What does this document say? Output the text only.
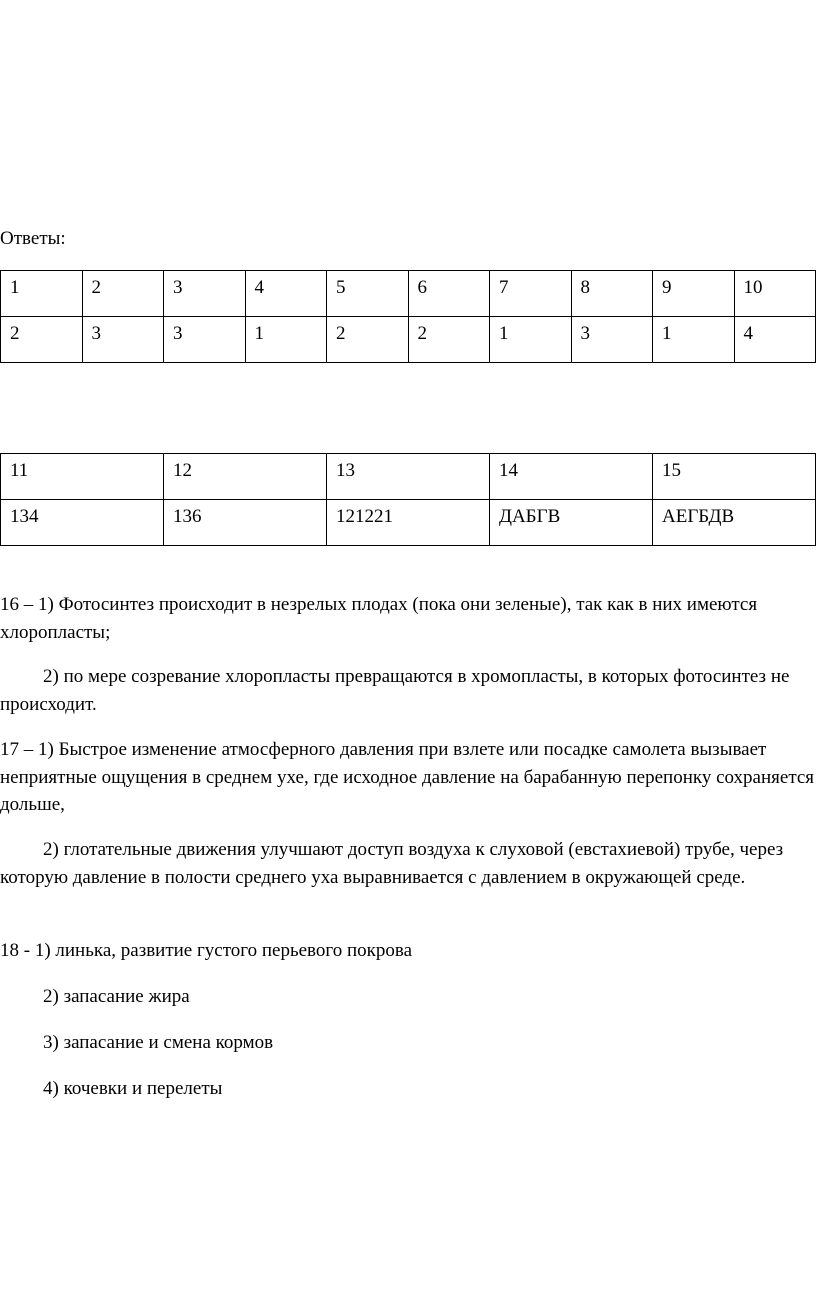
Ответы:
1	2	3	4	5	6	7	8	9	10
2	3	3	1	2	2	1	3	1	4
11	12	13	14	15
134	136	121221	ДАБГВ	АЕГБДВ
16 – 1) Фотосинтез происходит в незрелых плодах (пока они зеленые), так как в них имеются хлоропласты;
2) по мере созревание хлоропласты превращаются в хромопласты, в которых фотосинтез не происходит.
17 – 1) Быстрое изменение атмосферного давления при взлете или посадке самолета вызывает неприятные ощущения в среднем ухе, где исходное давление на барабанную перепонку сохраняется дольше,
2) глотательные движения улучшают доступ воздуха к слуховой (евстахиевой) трубе, через которую давление в полости среднего уха выравнивается с давлением в окружающей среде.
18 - 1) линька, развитие густого перьевого покрова
2) запасание жира
3) запасание и смена кормов
4) кочевки и перелеты
